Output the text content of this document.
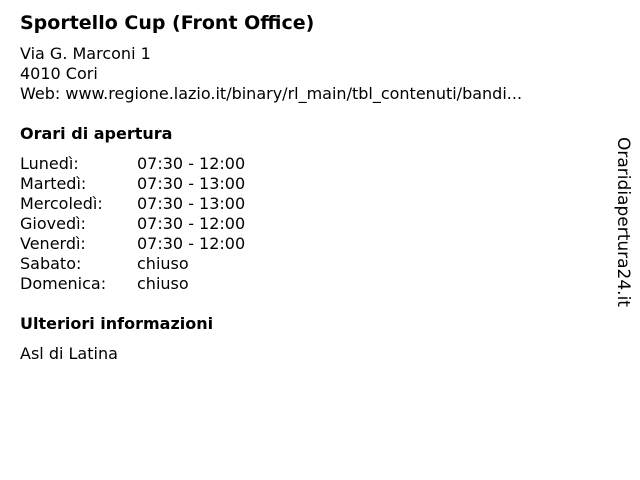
Sportello Cup (Front Office)
Via G. Marconi 1
4010 Cori
Web: www.regione.lazio.it/binary/rl_main/tbl_contenuti/bandi...
Orari di apertura
Lunedì:	07:30 - 12:00
Martedì:	07:30 - 13:00
Mercoledì:	07:30 - 13:00
Giovedì:	07:30 - 12:00
Venerdì:	07:30 - 12:00
Sabato:	chiuso
Domenica:	chiuso
Ulteriori informazioni
Asl di Latina
Oraridiapertura24.it
